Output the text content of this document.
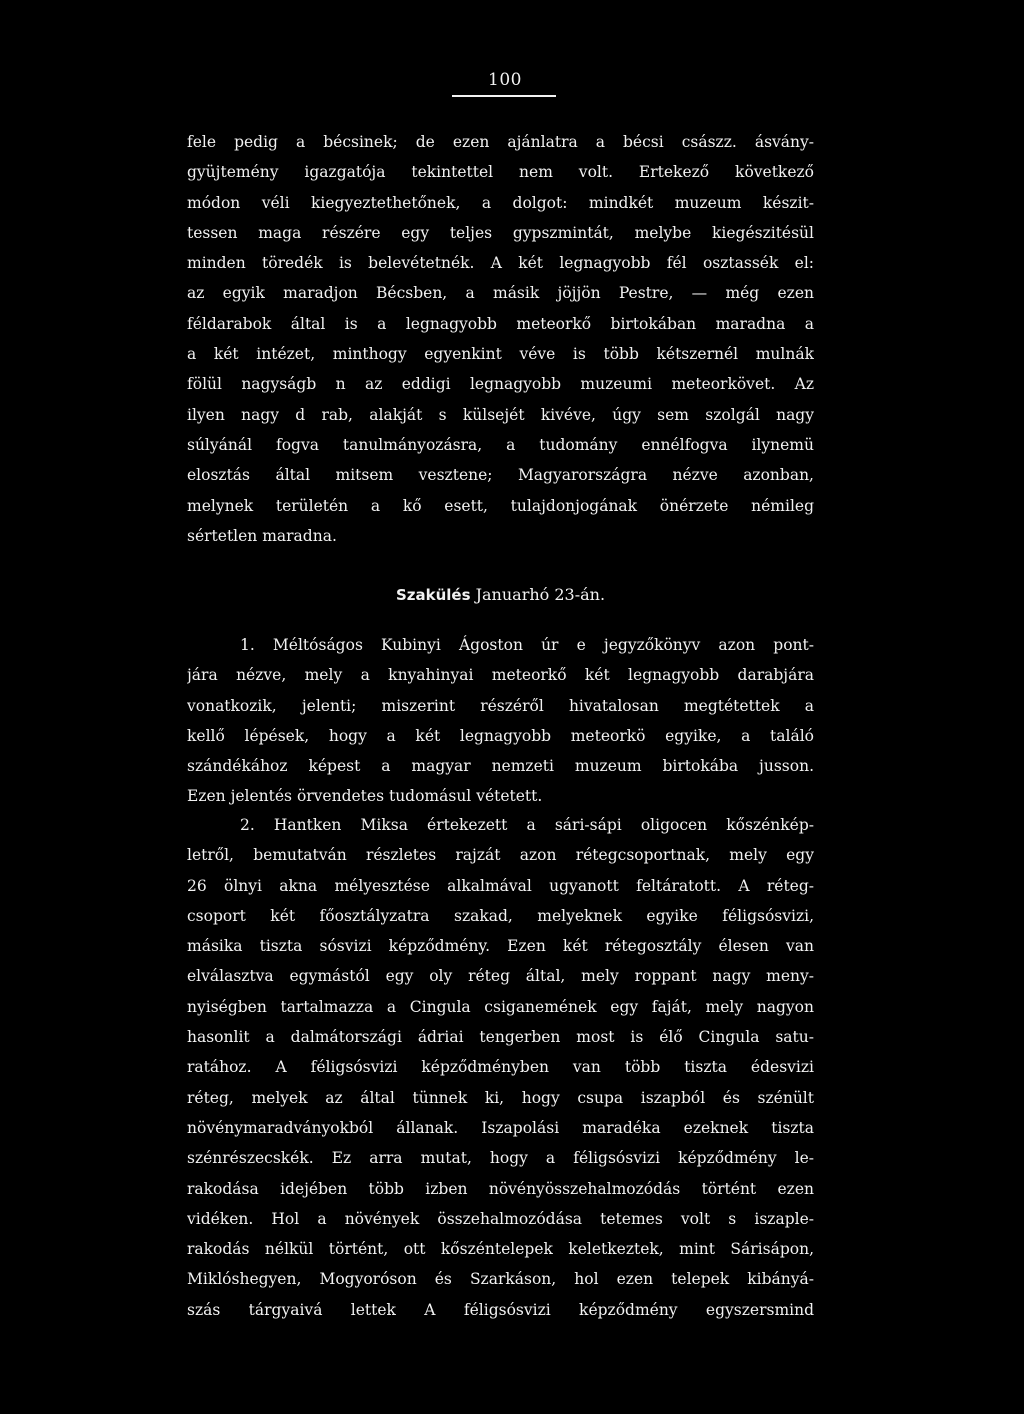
100
fele pedig a bécsinek; de ezen ajánlatra a bécsi császz. ásvány-
gyüjtemény igazgatója tekintettel nem volt. Ertekező következő
módon véli kiegyeztethetőnek, a dolgot: mindkét muzeum készit-
tessen maga részére egy teljes gypszmintát, melybe kiegészitésül
minden töredék is belevétetnék. A két legnagyobb fél osztassék el:
az egyik maradjon Bécsben, a másik jöjjön Pestre, — még ezen
féldarabok által is a legnagyobb meteorkő birtokában maradna a
a két intézet, minthogy egyenkint véve is több kétszernél mulnák
fölül nagyságb n az eddigi legnagyobb muzeumi meteorkövet. Az
ilyen nagy d rab, alakját s külsejét kivéve, úgy sem szolgál nagy
súlyánál fogva tanulmányozásra, a tudomány ennélfogva ilynemü
elosztás által mitsem vesztene; Magyarországra nézve azonban,
melynek területén a kő esett, tulajdonjogának önérzete némileg
sértetlen maradna.
Szakülés Januarhó 23-án.
1. Méltóságos Kubinyi Ágoston úr e jegyzőkönyv azon pont-
jára nézve, mely a knyahinyai meteorkő két legnagyobb darabjára
vonatkozik, jelenti; miszerint részéről hivatalosan megtétettek a
kellő lépések, hogy a két legnagyobb meteorkö egyike, a találó
szándékához képest a magyar nemzeti muzeum birtokába jusson.
Ezen jelentés örvendetes tudomásul vétetett.
2. Hantken Miksa értekezett a sári-sápi oligocen kőszénkép-
letről, bemutatván részletes rajzát azon rétegcsoportnak, mely egy
26 ölnyi akna mélyesztése alkalmával ugyanott feltáratott. A réteg-
csoport két főosztályzatra szakad, melyeknek egyike féligsósvizi,
másika tiszta sósvizi képződmény. Ezen két rétegosztály élesen van
elválasztva egymástól egy oly réteg által, mely roppant nagy meny-
nyiségben tartalmazza a Cingula csiganemének egy faját, mely nagyon
hasonlit a dalmátországi ádriai tengerben most is élő Cingula satu-
ratához. A féligsósvizi képződményben van több tiszta édesvizi
réteg, melyek az által tünnek ki, hogy csupa iszapból és szénült
növénymaradványokból állanak. Iszapolási maradéka ezeknek tiszta
szénrészecskék. Ez arra mutat, hogy a féligsósvizi képződmény le-
rakodása idejében több izben növényösszehalmozódás történt ezen
vidéken. Hol a növények összehalmozódása tetemes volt s iszaple-
rakodás nélkül történt, ott kőszéntelepek keletkeztek, mint Sárisápon,
Miklóshegyen, Mogyoróson és Szarkáson, hol ezen telepek kibányá-
szás tárgyaivá lettek A féligsósvizi képződmény egyszersmind
